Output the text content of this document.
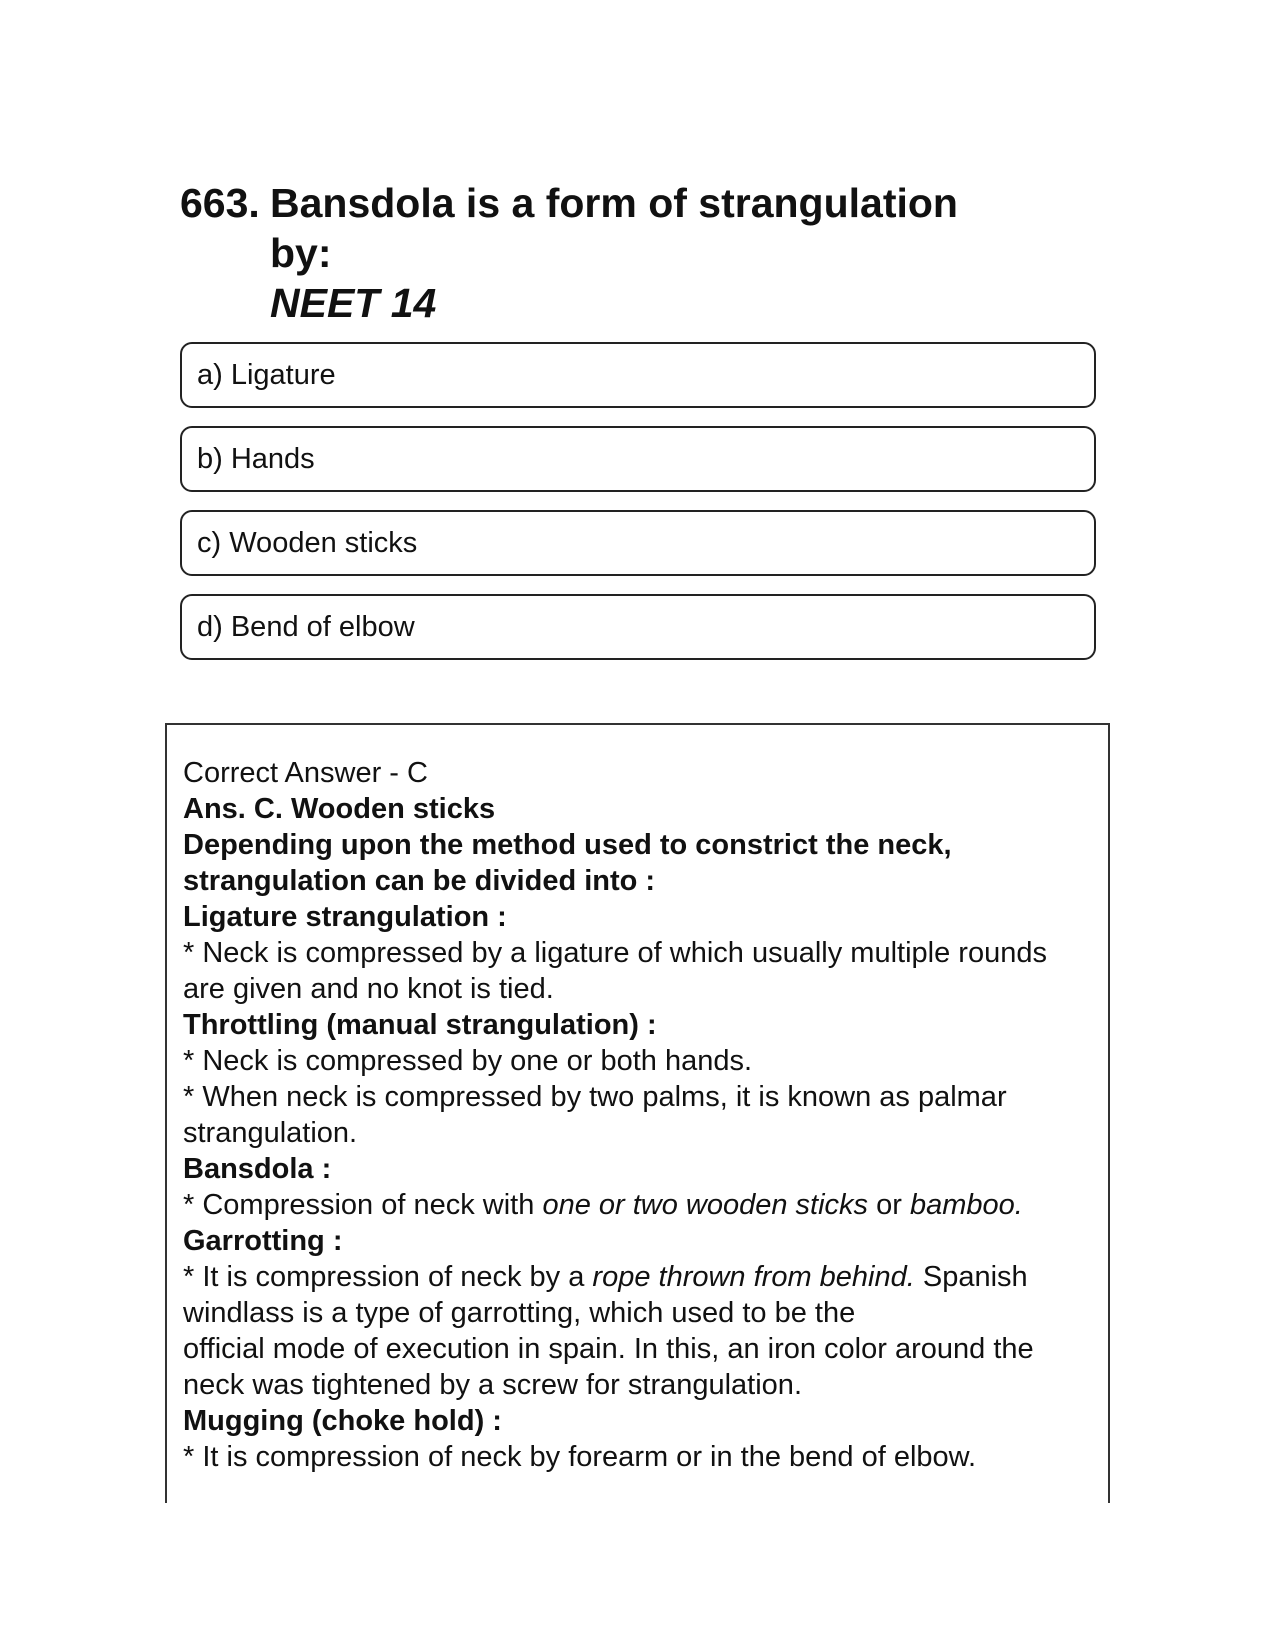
663. Bansdola is a form of strangulation by:
NEET 14
a) Ligature
b) Hands
c) Wooden sticks
d) Bend of elbow

Correct Answer - C

Ans. C. Wooden sticks

Depending upon the method used to constrict the neck, strangulation can be divided into :

Ligature strangulation :

* Neck is compressed by a ligature of which usually multiple rounds are given and no knot is tied.

Throttling (manual strangulation) :

* Neck is compressed by one or both hands.

* When neck is compressed by two palms, it is known as palmar strangulation.

Bansdola :

* Compression of neck with one or two wooden sticks or bamboo.

Garrotting :

* It is compression of neck by a rope thrown from behind. Spanish windlass is a type of garrotting, which used to be the

official mode of execution in spain. In this, an iron color around the neck was tightened by a screw for strangulation.

Mugging (choke hold) :

* It is compression of neck by forearm or in the bend of elbow.
